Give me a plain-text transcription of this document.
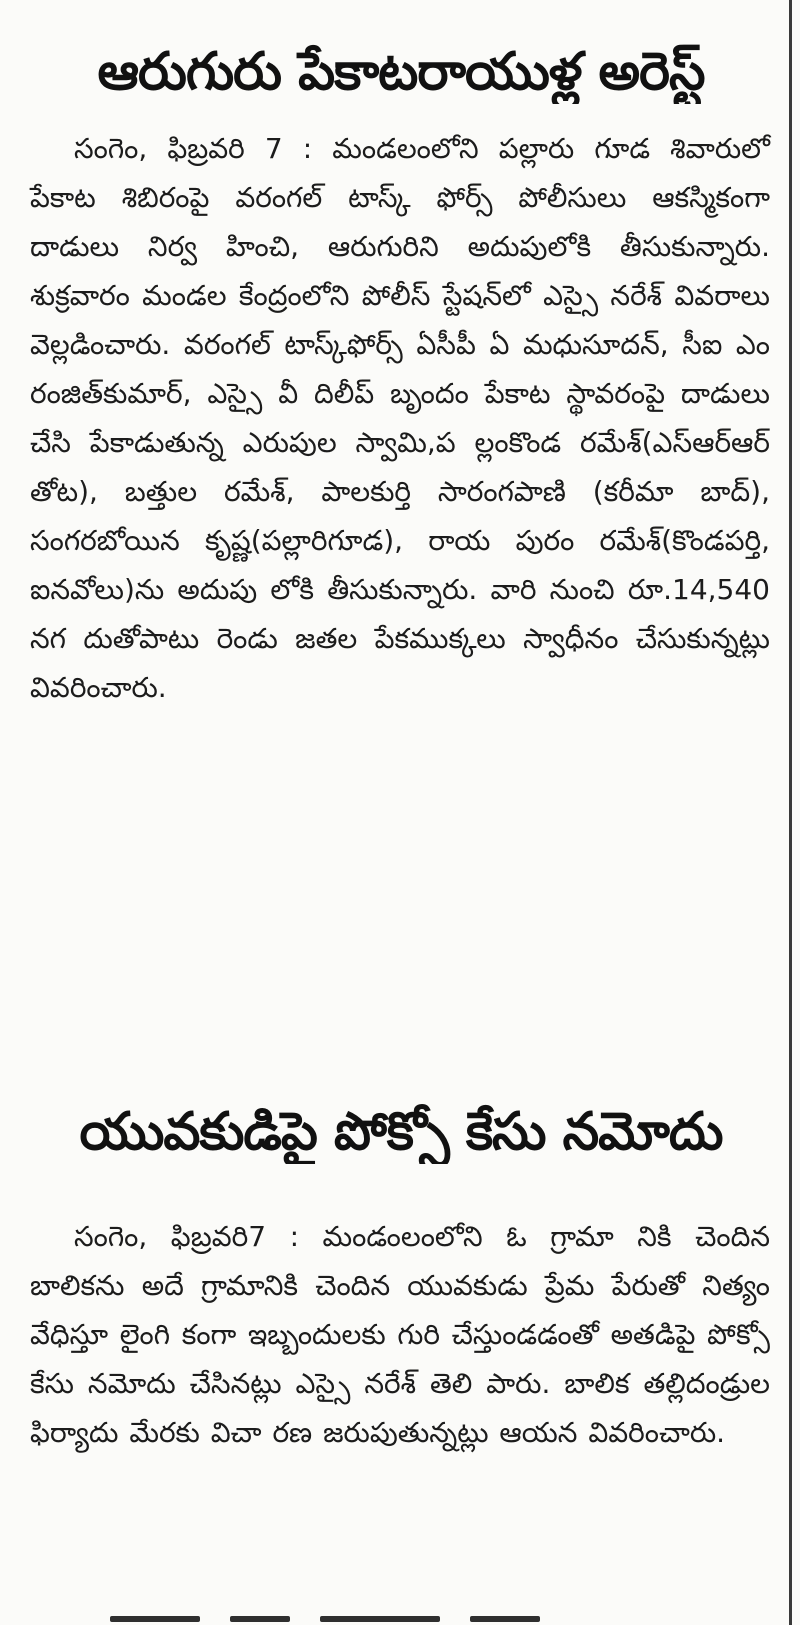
ఆరుగురు పేకాటరాయుళ్ల అరెస్ట్

సంగెం, ఫిబ్రవరి 7 : మండలంలోని పల్లారు గూడ శివారులో పేకాట శిబిరంపై వరంగల్ టాస్క్ ఫోర్స్ పోలీసులు ఆకస్మికంగా దాడులు నిర్వ హించి, ఆరుగురిని అదుపులోకి తీసుకున్నారు. శుక్రవారం మండల కేంద్రంలోని పోలీస్ స్టేషన్‌లో ఎస్సై నరేశ్ వివరాలు వెల్లడించారు. వరంగల్ టాస్క్‌ఫోర్స్ ఏసీపీ ఏ మధుసూదన్, సీఐ ఎం రంజిత్‌కుమార్, ఎస్సై వీ దిలీప్ బృందం పేకాట స్థావరంపై దాడులు చేసి పేకాడుతున్న ఎరుపుల స్వామి,ప ల్లంకొండ రమేశ్(ఎస్‌ఆర్‌ఆర్ తోట), బత్తుల రమేశ్, పాలకుర్తి సారంగపాణి (కరీమా బాద్), సంగరబోయిన కృష్ణ(పల్లారిగూడ), రాయ పురం రమేశ్(కొండపర్తి, ఐనవోలు)ను అదుపు లోకి తీసుకున్నారు. వారి నుంచి రూ.14,540 నగ దుతోపాటు రెండు జతల పేకముక్కలు స్వాధీనం చేసుకున్నట్లు వివరించారు.

యువకుడిపై పోక్సో కేసు నమోదు

సంగెం, ఫిబ్రవరి7 : మండంలంలోని ఓ గ్రామా నికి చెందిన బాలికను అదే గ్రామానికి చెందిన యువకుడు ప్రేమ పేరుతో నిత్యం వేధిస్తూ లైంగి కంగా ఇబ్బందులకు గురి చేస్తుండడంతో అతడిపై పోక్సో కేసు నమోదు చేసినట్లు ఎస్సై నరేశ్ తెలి పారు. బాలిక తల్లిదండ్రుల ఫిర్యాదు మేరకు విచా రణ జరుపుతున్నట్లు ఆయన వివరించారు.
